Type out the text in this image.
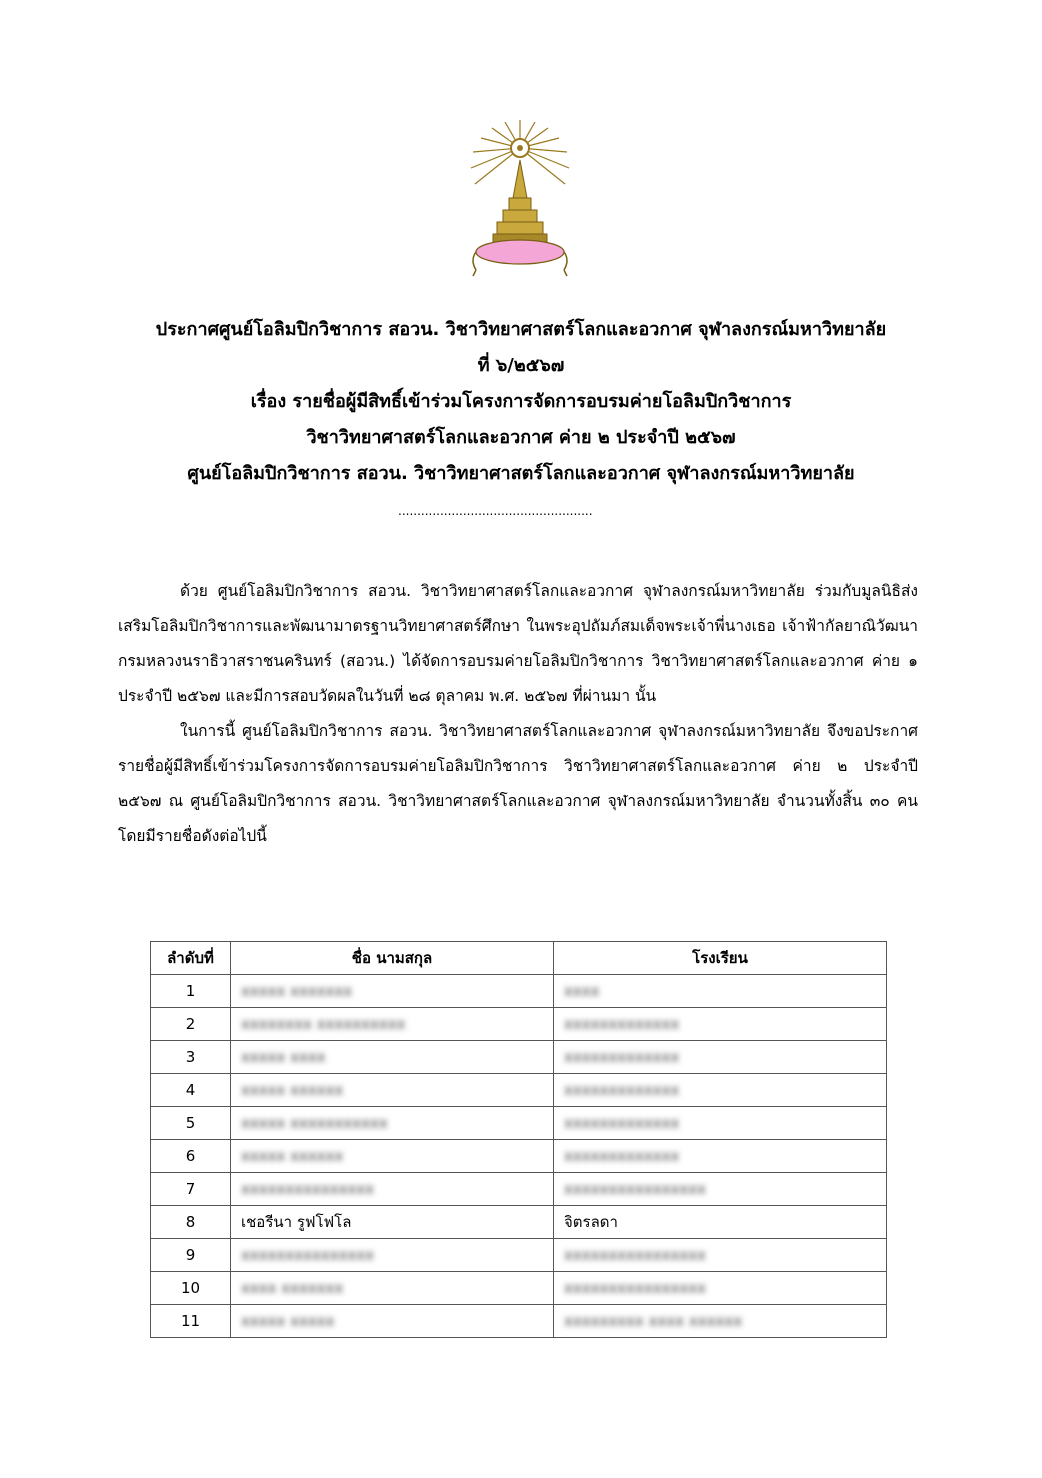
ประกาศศูนย์โอลิมปิกวิชาการ สอวน. วิชาวิทยาศาสตร์โลกและอวกาศ จุฬาลงกรณ์มหาวิทยาลัย
ที่ ๖/๒๕๖๗
เรื่อง รายชื่อผู้มีสิทธิ์เข้าร่วมโครงการจัดการอบรมค่ายโอลิมปิกวิชาการ
วิชาวิทยาศาสตร์โลกและอวกาศ ค่าย ๒ ประจำปี ๒๕๖๗
ศูนย์โอลิมปิกวิชาการ สอวน. วิชาวิทยาศาสตร์โลกและอวกาศ จุฬาลงกรณ์มหาวิทยาลัย
...................................................

ด้วย ศูนย์โอลิมปิกวิชาการ สอวน. วิชาวิทยาศาสตร์โลกและอวกาศ จุฬาลงกรณ์มหาวิทยาลัย ร่วมกับมูลนิธิส่งเสริมโอลิมปิกวิชาการและพัฒนามาตรฐานวิทยาศาสตร์ศึกษา ในพระอุปถัมภ์สมเด็จพระเจ้าพี่นางเธอ เจ้าฟ้ากัลยาณิวัฒนา กรมหลวงนราธิวาสราชนครินทร์ (สอวน.) ได้จัดการอบรมค่ายโอลิมปิกวิชาการ วิชาวิทยาศาสตร์โลกและอวกาศ ค่าย ๑ ประจำปี ๒๕๖๗ และมีการสอบวัดผลในวันที่ ๒๘ ตุลาคม พ.ศ. ๒๕๖๗ ที่ผ่านมา นั้น

ในการนี้ ศูนย์โอลิมปิกวิชาการ สอวน. วิชาวิทยาศาสตร์โลกและอวกาศ จุฬาลงกรณ์มหาวิทยาลัย จึงขอประกาศรายชื่อผู้มีสิทธิ์เข้าร่วมโครงการจัดการอบรมค่ายโอลิมปิกวิชาการ วิชาวิทยาศาสตร์โลกและอวกาศ ค่าย ๒ ประจำปี ๒๕๖๗ ณ ศูนย์โอลิมปิกวิชาการ สอวน. วิชาวิทยาศาสตร์โลกและอวกาศ จุฬาลงกรณ์มหาวิทยาลัย จำนวนทั้งสิ้น ๓๐ คน โดยมีรายชื่อดังต่อไปนี้

ลำดับที่	ชื่อ นามสกุล	โรงเรียน
1	xxxxx xxxxxxx	xxxx
2	xxxxxxxx xxxxxxxxxx	xxxxxxxxxxxxx
3	xxxxx xxxx	xxxxxxxxxxxxx
4	xxxxx xxxxxx	xxxxxxxxxxxxx
5	xxxxx xxxxxxxxxxx	xxxxxxxxxxxxx
6	xxxxx xxxxxx	xxxxxxxxxxxxx
7	xxxxxxxxxxxxxxx	xxxxxxxxxxxxxxxx
8	เชอรีนา รูฟโฟโล	จิตรลดา
9	xxxxxxxxxxxxxxx	xxxxxxxxxxxxxxxx
10	xxxx xxxxxxx	xxxxxxxxxxxxxxxx
11	xxxxx xxxxx	xxxxxxxxx xxxx xxxxxx
